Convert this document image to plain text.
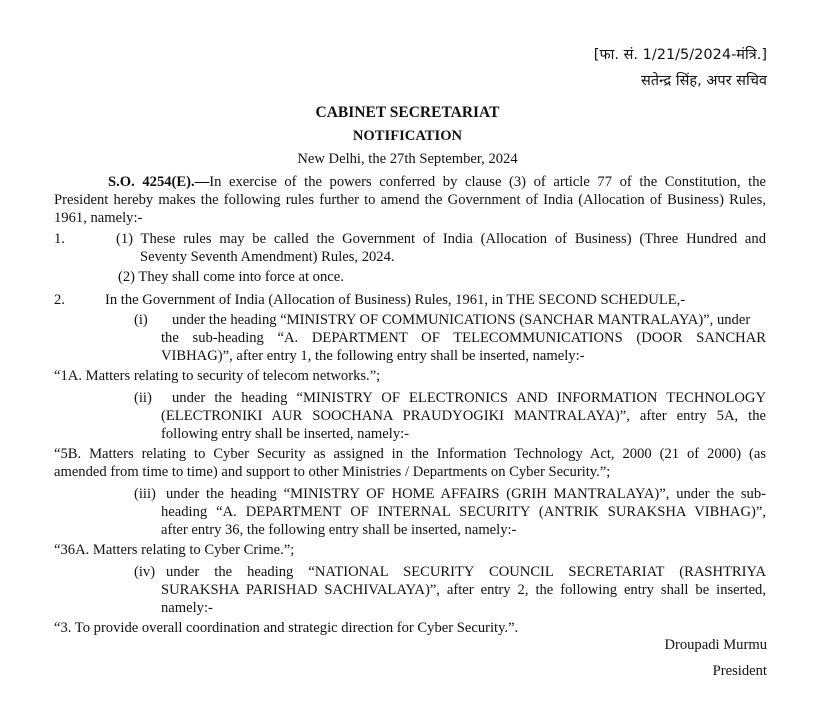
[फा. सं. 1/21/5/2024-मंत्रि.]
सतेन्द्र सिंह, अपर सचिव
CABINET SECRETARIAT
NOTIFICATION
New Delhi, the 27th September, 2024
S.O. 4254(E).—In exercise of the powers conferred by clause (3) of article 77 of the Constitution, the
President hereby makes the following rules further to amend the Government of India (Allocation of Business) Rules,
1961, namely:-
1.	(1) These rules may be called the Government of India (Allocation of Business) (Three Hundred and
Seventy Seventh Amendment) Rules, 2024.
(2) They shall come into force at once.
2.	In the Government of India (Allocation of Business) Rules, 1961, in THE SECOND SCHEDULE,-
(i)	under the heading “MINISTRY OF COMMUNICATIONS (SANCHAR MANTRALAYA)”, under
the sub-heading “A. DEPARTMENT OF TELECOMMUNICATIONS (DOOR SANCHAR
VIBHAG)”, after entry 1, the following entry shall be inserted, namely:-
“1A. Matters relating to security of telecom networks.”;
(ii)	under the heading “MINISTRY OF ELECTRONICS AND INFORMATION TECHNOLOGY
(ELECTRONIKI AUR SOOCHANA PRAUDYOGIKI MANTRALAYA)”, after entry 5A, the
following entry shall be inserted, namely:-
“5B. Matters relating to Cyber Security as assigned in the Information Technology Act, 2000 (21 of 2000) (as
amended from time to time) and support to other Ministries / Departments on Cyber Security.”;
(iii) under the heading “MINISTRY OF HOME AFFAIRS (GRIH MANTRALAYA)”, under the sub-
heading “A. DEPARTMENT OF INTERNAL SECURITY (ANTRIK SURAKSHA VIBHAG)”,
after entry 36, the following entry shall be inserted, namely:-
“36A. Matters relating to Cyber Crime.”;
(iv) under the heading “NATIONAL SECURITY COUNCIL SECRETARIAT (RASHTRIYA
SURAKSHA PARISHAD SACHIVALAYA)”, after entry 2, the following entry shall be inserted,
namely:-
“3. To provide overall coordination and strategic direction for Cyber Security.”.
Droupadi Murmu
President
